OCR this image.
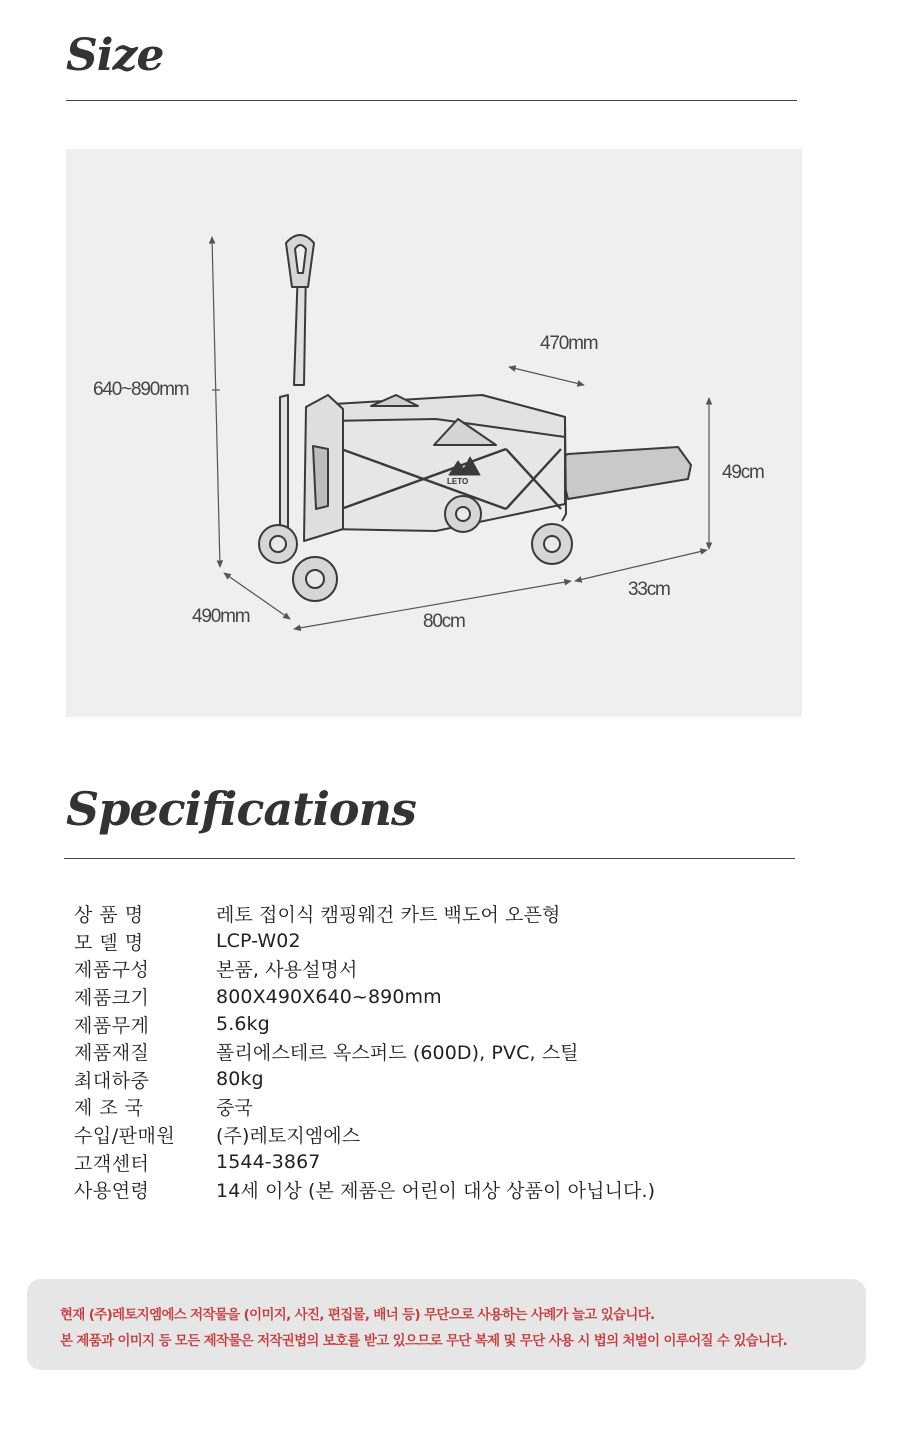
Size
LETO
640~890mm
470mm
49cm
33cm
490mm	80cm
Specifications
상 품 명	레토 접이식 캠핑웨건 카트 백도어 오픈형
모 델 명	LCP-W02
제품구성	본품, 사용설명서
제품크기	800X490X640~890mm
제품무게	5.6kg
제품재질	폴리에스테르 옥스퍼드 (600D), PVC, 스틸
최대하중	80kg
제 조 국	중국
수입/판매원	(주)레토지엠에스
고객센터	1544-3867
사용연령	14세 이상 (본 제품은 어린이 대상 상품이 아닙니다.)
현재 (주)레토지엠에스 저작물을 (이미지, 사진, 편집물, 배너 등) 무단으로 사용하는 사례가 늘고 있습니다.
본 제품과 이미지 등 모든 제작물은 저작권법의 보호를 받고 있으므로 무단 복제 및 무단 사용 시 법의 처벌이 이루어질 수 있습니다.
